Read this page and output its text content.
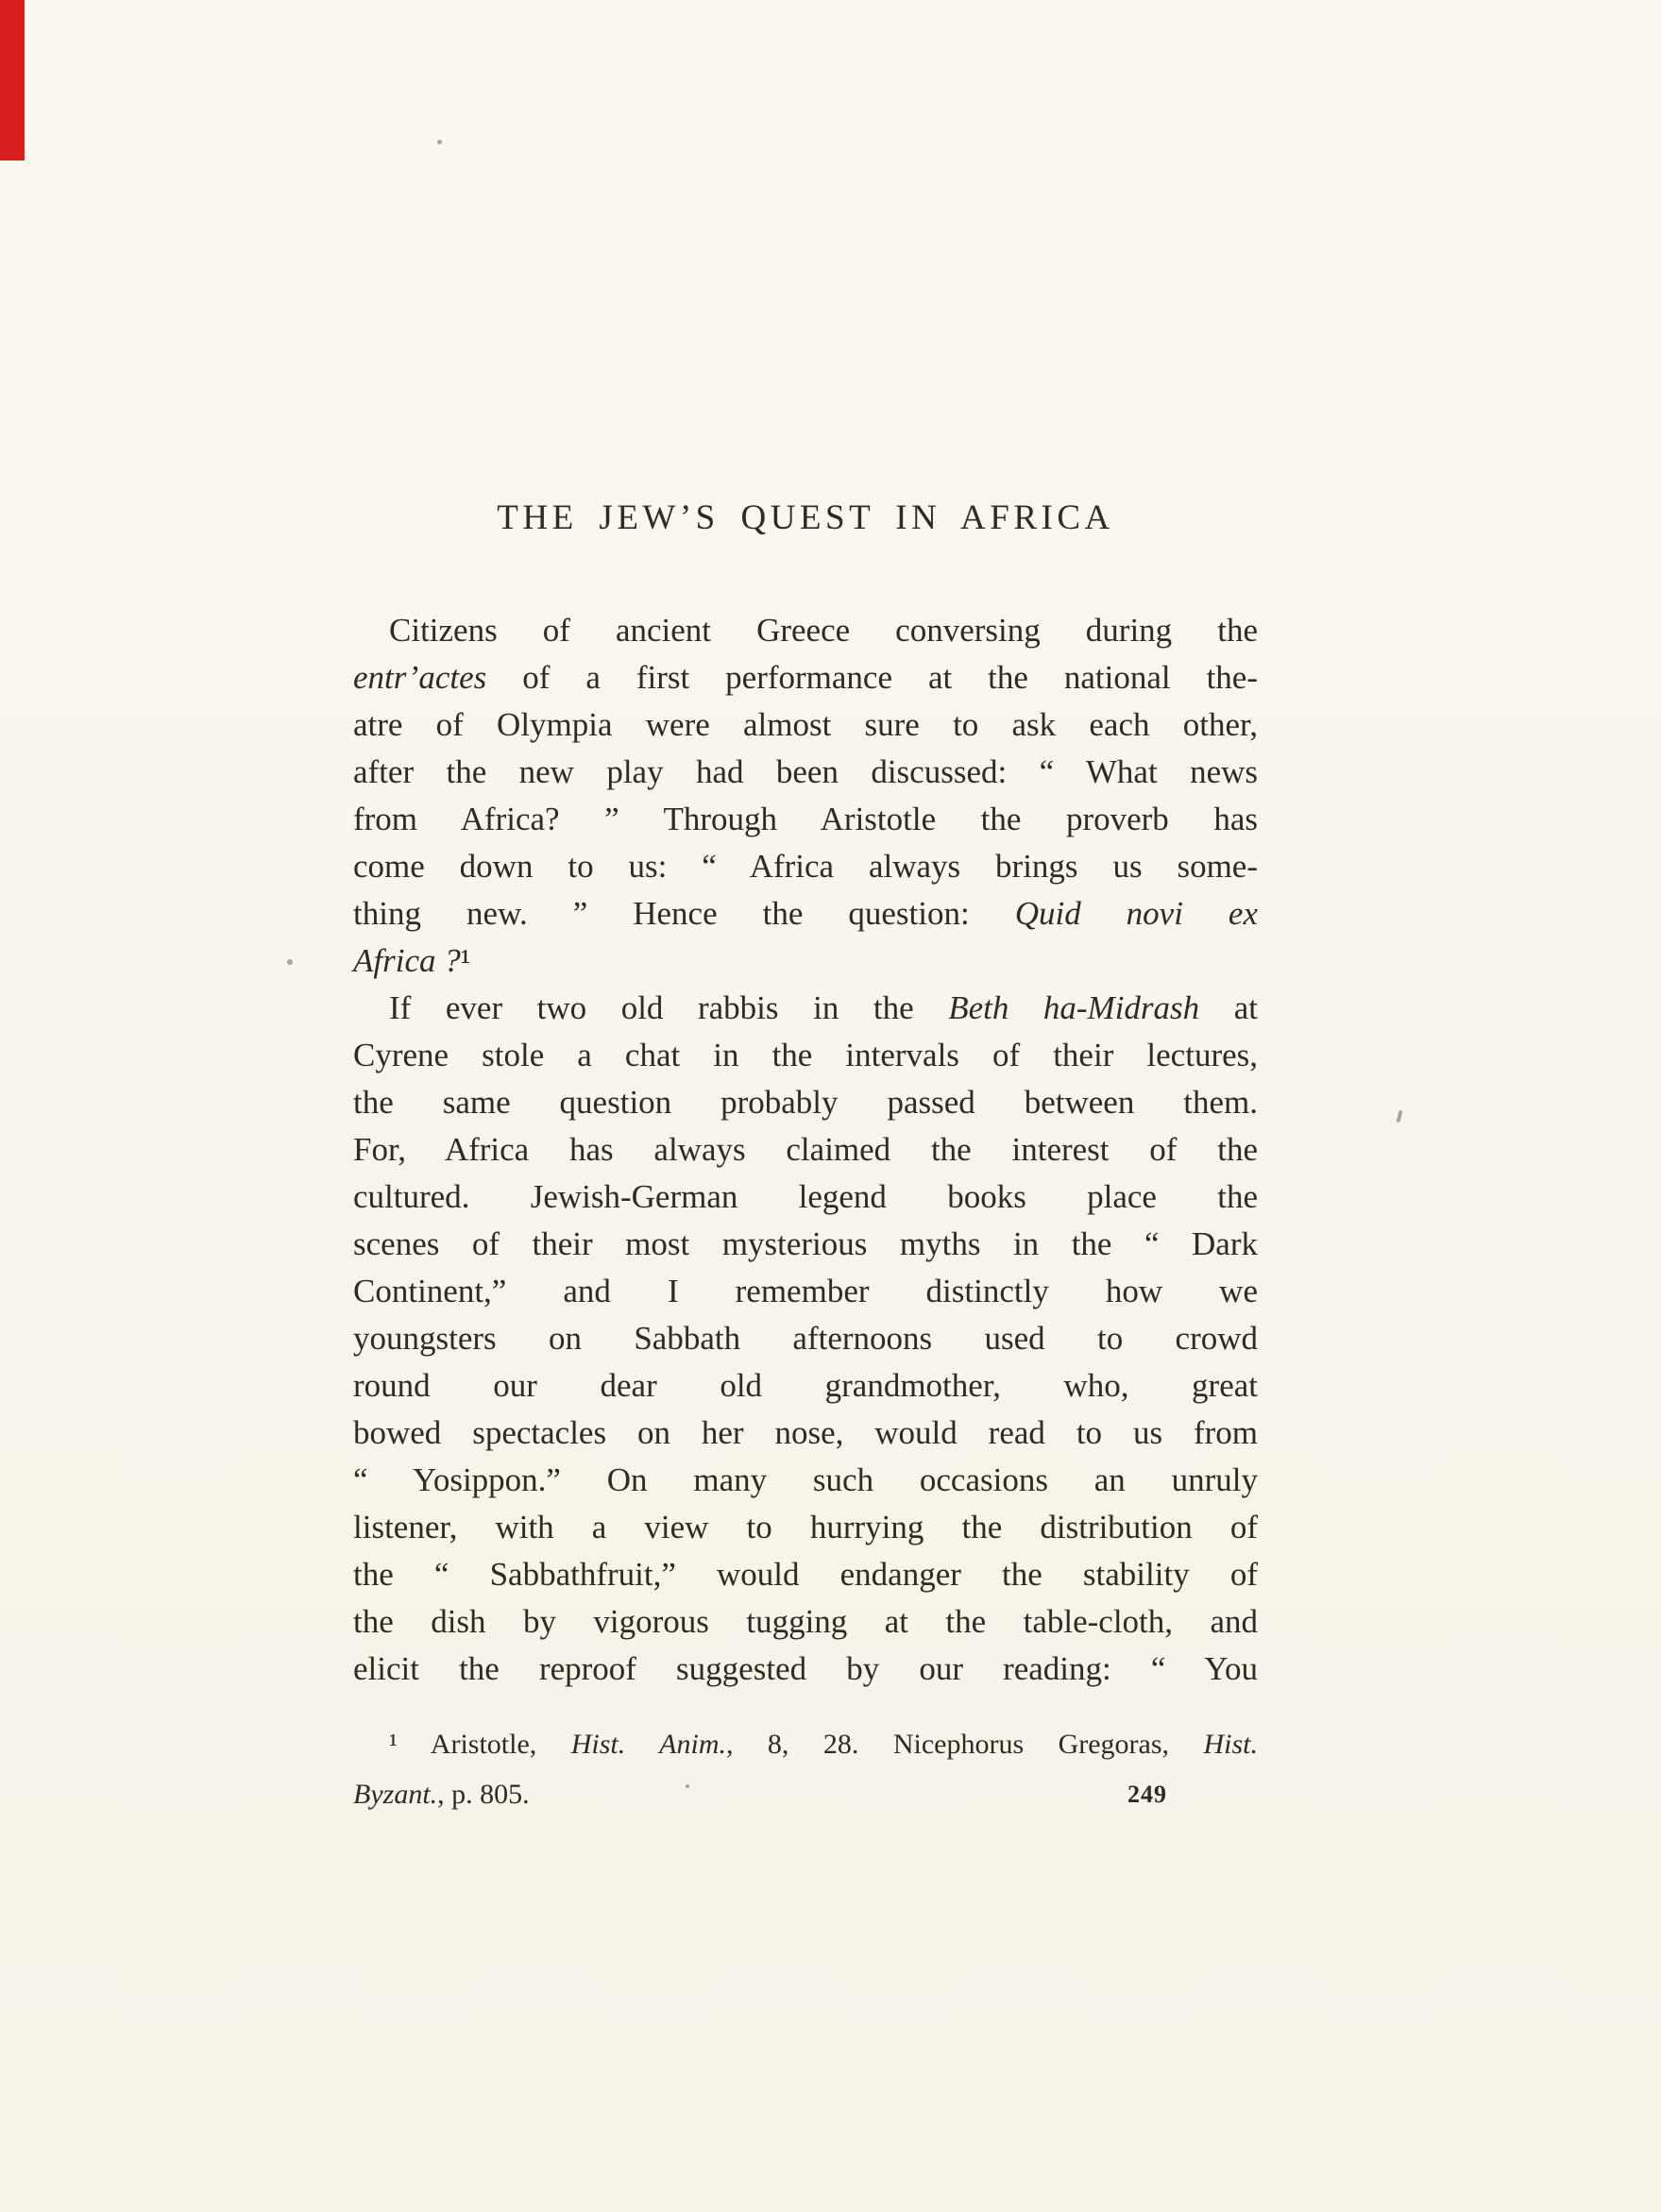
THE JEW’S QUEST IN AFRICA
Citizens of ancient Greece conversing during the
entr’actes of a first performance at the national the-
atre of Olympia were almost sure to ask each other,
after the new play had been discussed: “ What news
from Africa? ” Through Aristotle the proverb has
come down to us: “ Africa always brings us some-
thing new. ” Hence the question: Quid novi ex
Africa ?¹
If ever two old rabbis in the Beth ha-Midrash at
Cyrene stole a chat in the intervals of their lectures,
the same question probably passed between them.
For, Africa has always claimed the interest of the
cultured. Jewish-German legend books place the
scenes of their most mysterious myths in the “ Dark
Continent,” and I remember distinctly how we
youngsters on Sabbath afternoons used to crowd
round our dear old grandmother, who, great
bowed spectacles on her nose, would read to us from
“ Yosippon.” On many such occasions an unruly
listener, with a view to hurrying the distribution of
the “ Sabbathfruit,” would endanger the stability of
the dish by vigorous tugging at the table-cloth, and
elicit the reproof suggested by our reading: “ You
¹ Aristotle, Hist. Anim., 8, 28. Nicephorus Gregoras, Hist.
Byzant., p. 805.	249
